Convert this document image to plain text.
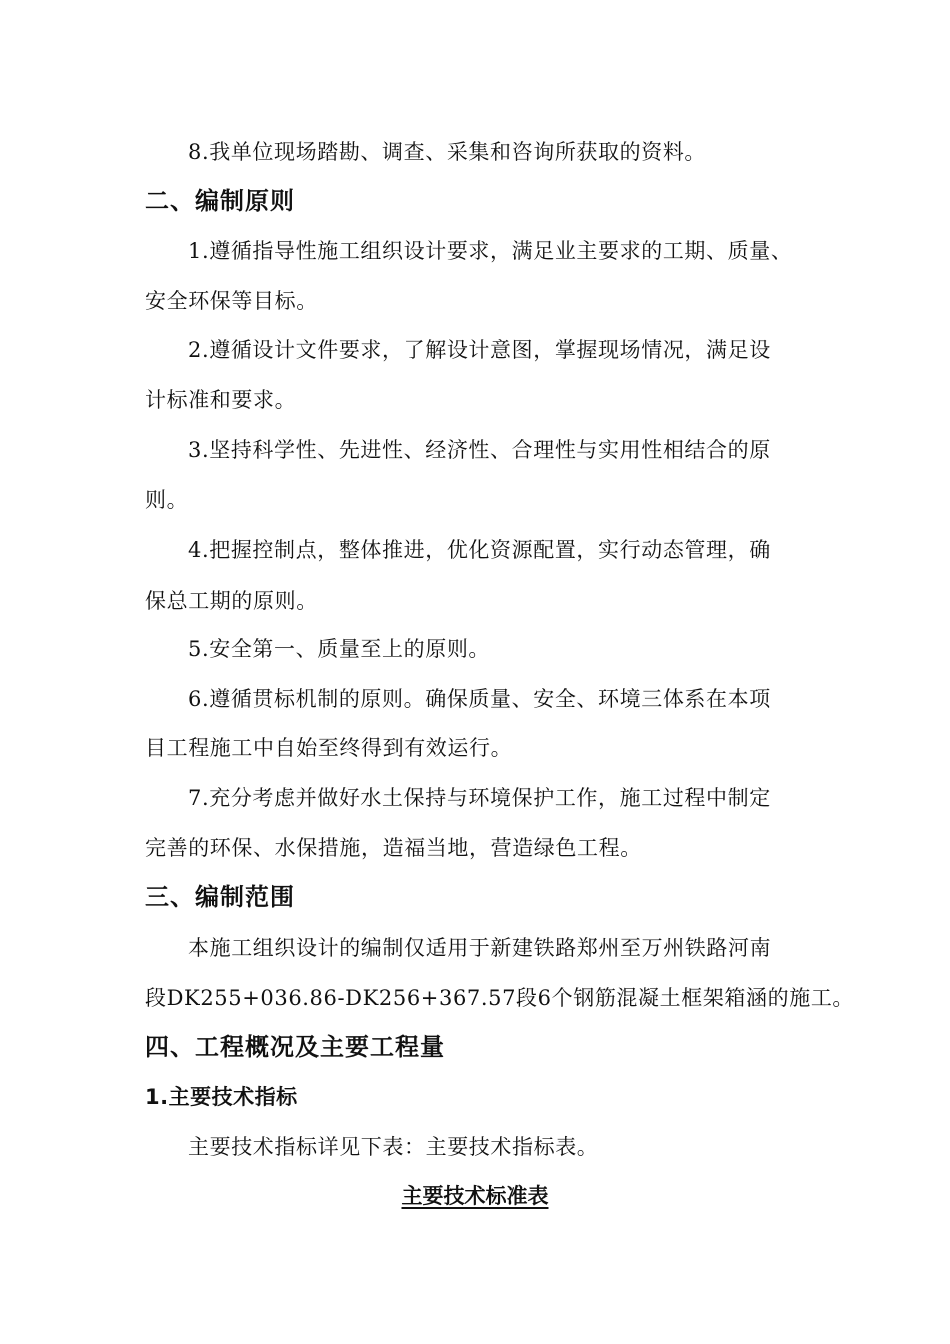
8.我单位现场踏勘、调查、采集和咨询所获取的资料。
二、编制原则
1.遵循指导性施工组织设计要求，满足业主要求的工期、质量、
安全环保等目标。
2.遵循设计文件要求，了解设计意图，掌握现场情况，满足设
计标准和要求。
3.坚持科学性、先进性、经济性、合理性与实用性相结合的原
则。
4.把握控制点，整体推进，优化资源配置，实行动态管理，确
保总工期的原则。
5.安全第一、质量至上的原则。
6.遵循贯标机制的原则。确保质量、安全、环境三体系在本项
目工程施工中自始至终得到有效运行。
7.充分考虑并做好水土保持与环境保护工作，施工过程中制定
完善的环保、水保措施，造福当地，营造绿色工程。
三、编制范围
本施工组织设计的编制仅适用于新建铁路郑州至万州铁路河南
段DK255+036.86-DK256+367.57段6个钢筋混凝土框架箱涵的施工。
四、工程概况及主要工程量
1.主要技术指标
主要技术指标详见下表：主要技术指标表。
主要技术标准表
